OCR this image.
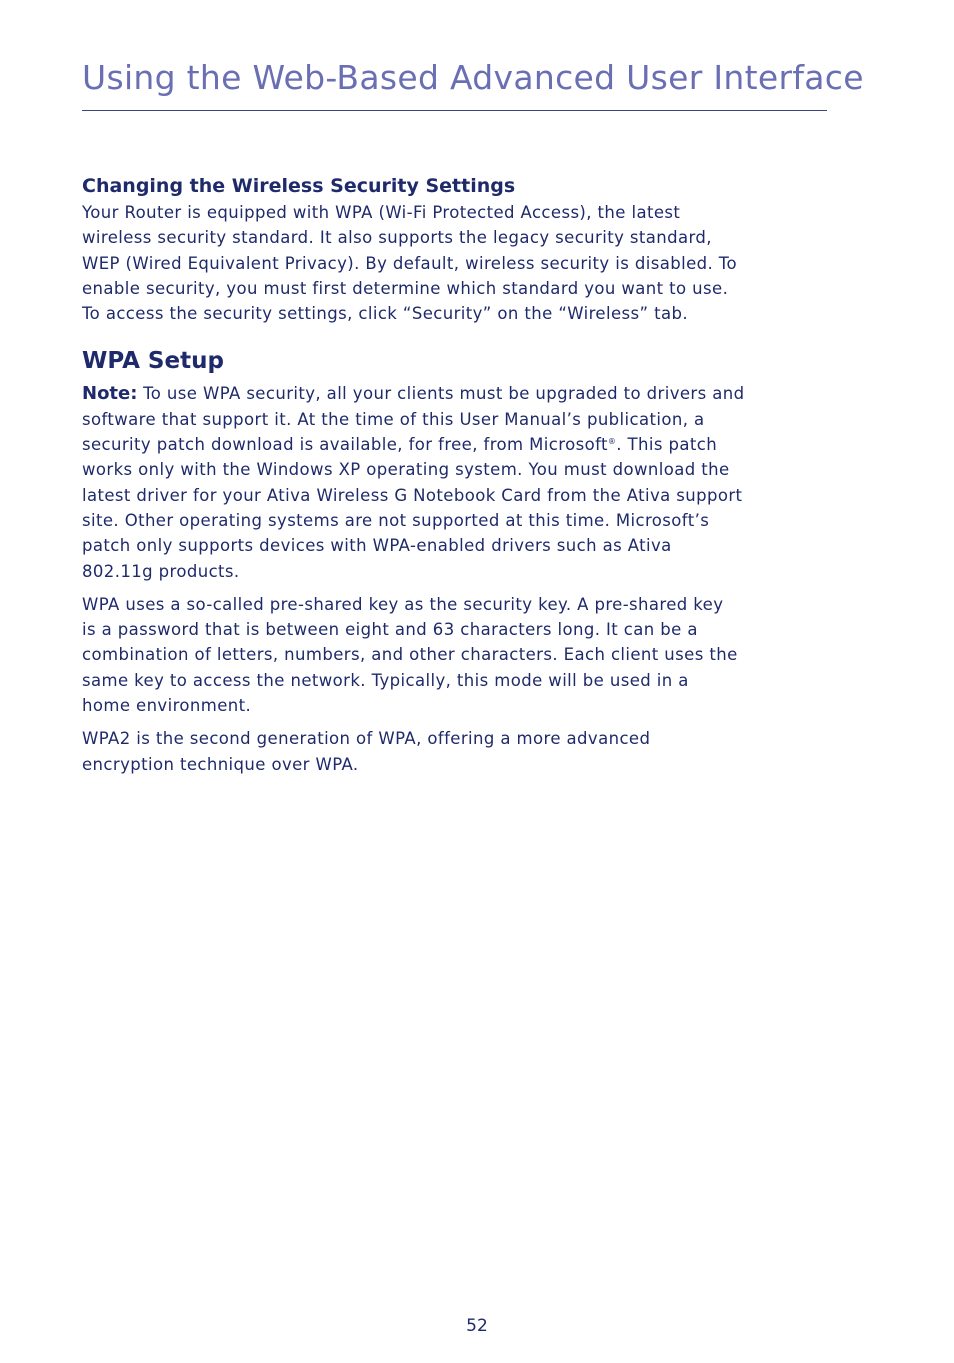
Using the Web-Based Advanced User Interface
Changing the Wireless Security Settings

Your Router is equipped with WPA (Wi-Fi Protected Access), the latest
wireless security standard. It also supports the legacy security standard,
WEP (Wired Equivalent Privacy). By default, wireless security is disabled. To
enable security, you must first determine which standard you want to use.
To access the security settings, click “Security” on the “Wireless” tab.

WPA Setup

Note: To use WPA security, all your clients must be upgraded to drivers and
software that support it. At the time of this User Manual’s publication, a
security patch download is available, for free, from Microsoft®. This patch
works only with the Windows XP operating system. You must download the
latest driver for your Ativa Wireless G Notebook Card from the Ativa support
site. Other operating systems are not supported at this time. Microsoft’s
patch only supports devices with WPA-enabled drivers such as Ativa
802.11g products.

WPA uses a so-called pre-shared key as the security key. A pre-shared key
is a password that is between eight and 63 characters long. It can be a
combination of letters, numbers, and other characters. Each client uses the
same key to access the network. Typically, this mode will be used in a
home environment.

WPA2 is the second generation of WPA, offering a more advanced
encryption technique over WPA.

52
